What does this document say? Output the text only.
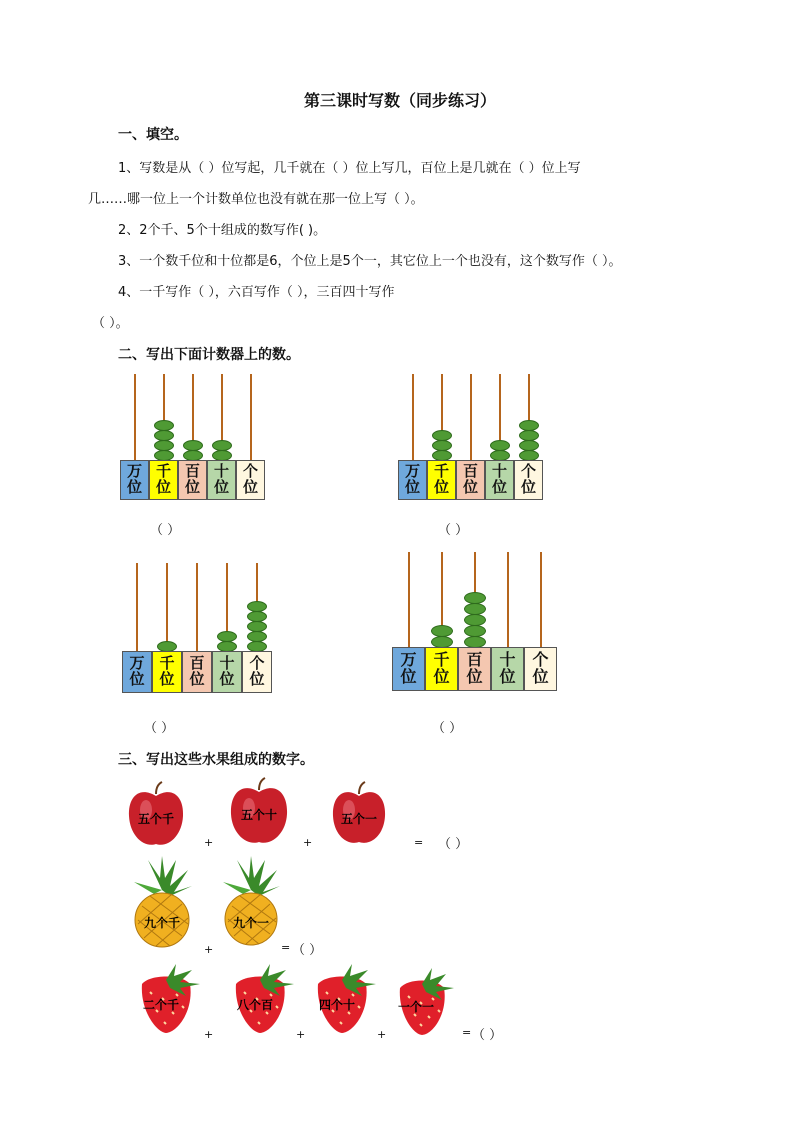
第三课时写数（同步练习）
一、填空。
1、写数是从（ ）位写起，几千就在（ ）位上写几，百位上是几就在（ ）位上写
几……哪一位上一个计数单位也没有就在那一位上写（ ）。
2、2个千、5个十组成的数写作( )。
3、一个数千位和十位都是6，个位上是5个一，其它位上一个也没有，这个数写作（ ）。
4、一千写作（ ），六百写作（ ），三百四十写作
（ ）。
二、写出下面计数器上的数。
万
位
千
位
百
位
十
位
个
位
万
位
千
位
百
位
十
位
个
位
万
位
千
位
百
位
十
位
个
位
万
位
千
位
百
位
十
位
个
位
（ ）	（ ）
（ ）	（ ）
三、写出这些水果组成的数字。
五个千
+
五个十
+
五个一
= （ ）
九个千
+
九个一
= （ ）
二个千
+
八个百
+
四个十
+
一个一
= （ ）
